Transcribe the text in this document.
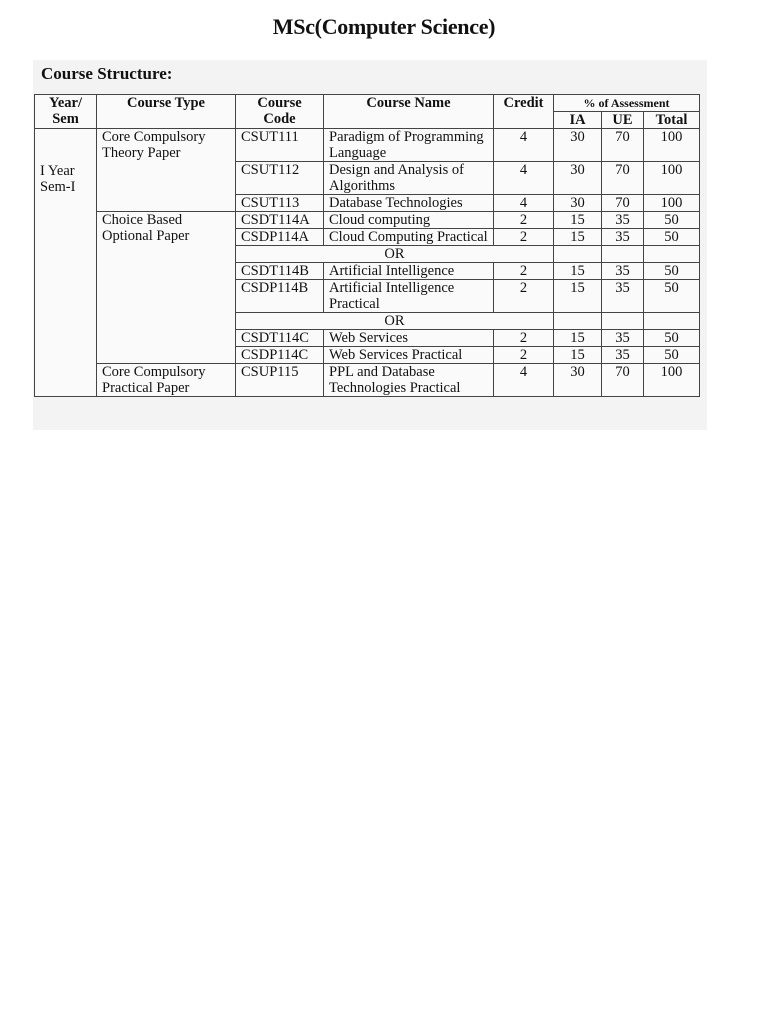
MSc(Computer Science)
Course Structure:
Year/ Sem	Course Type	Course Code	Course Name	Credit	% of Assessment		
					IA	UE	Total

I Year Sem-I	Core Compulsory Theory Paper	CSUT111	Paradigm of Programming Language	4	30	70	100
		CSUT112	Design and Analysis of Algorithms	4	30	70	100
		CSUT113	Database Technologies	4	30	70	100
	Choice Based Optional Paper	CSDT114A	Cloud computing	2	15	35	50
		CSDP114A	Cloud Computing Practical	2	15	35	50
		OR					
		CSDT114B	Artificial Intelligence	2	15	35	50
		CSDP114B	Artificial Intelligence Practical	2	15	35	50
		OR					
		CSDT114C	Web Services	2	15	35	50
		CSDP114C	Web Services Practical	2	15	35	50
	Core Compulsory Practical Paper	CSUP115	PPL and Database Technologies Practical	4	30	70	100
